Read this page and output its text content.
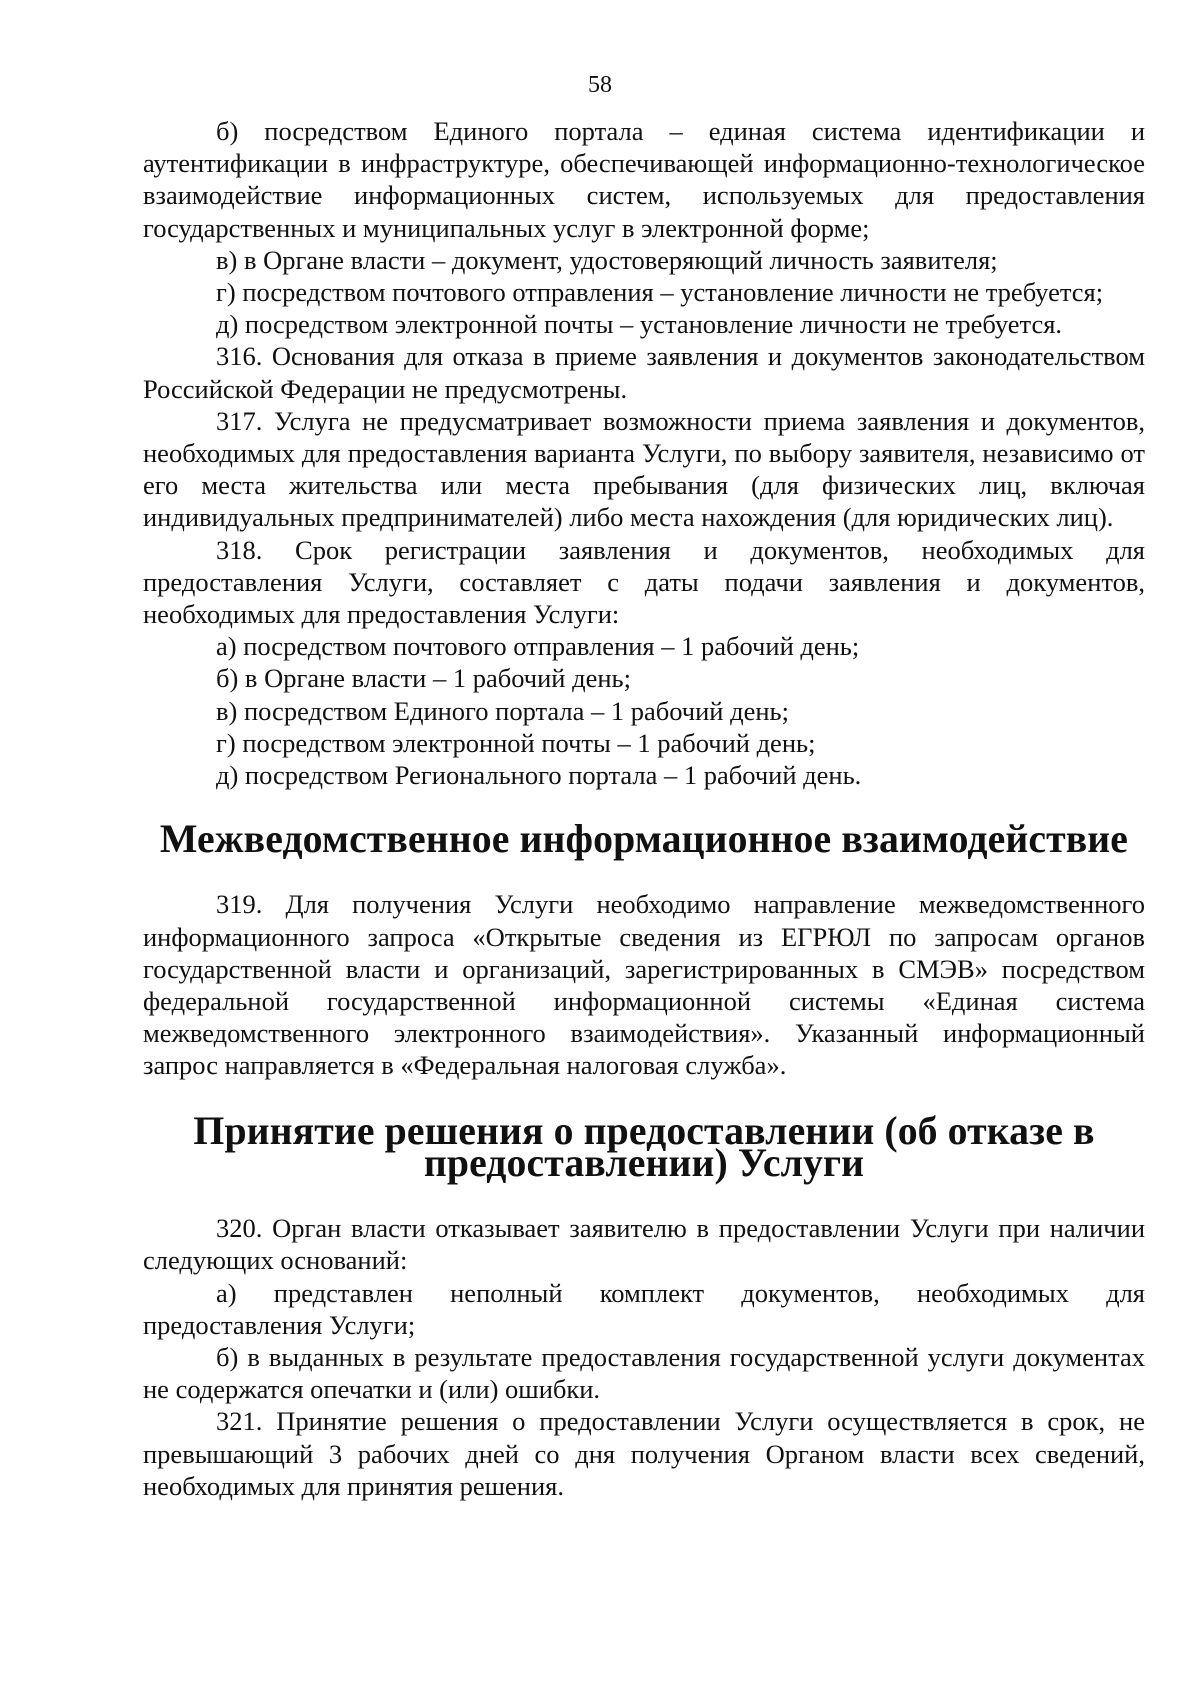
58

б) посредством Единого портала – единая система идентификации и аутентификации в инфраструктуре, обеспечивающей информационно-технологическое взаимодействие информационных систем, используемых для предоставления государственных и муниципальных услуг в электронной форме;

в) в Органе власти – документ, удостоверяющий личность заявителя;

г) посредством почтового отправления – установление личности не требуется;

д) посредством электронной почты – установление личности не требуется.

316. Основания для отказа в приеме заявления и документов законодательством Российской Федерации не предусмотрены.

317. Услуга не предусматривает возможности приема заявления и документов, необходимых для предоставления варианта Услуги, по выбору заявителя, независимо от его места жительства или места пребывания (для физических лиц, включая индивидуальных предпринимателей) либо места нахождения (для юридических лиц).

318. Срок регистрации заявления и документов, необходимых для предоставления Услуги, составляет с даты подачи заявления и документов, необходимых для предоставления Услуги:

а) посредством почтового отправления – 1 рабочий день;

б) в Органе власти – 1 рабочий день;

в) посредством Единого портала – 1 рабочий день;

г) посредством электронной почты – 1 рабочий день;

д) посредством Регионального портала – 1 рабочий день.

Межведомственное информационное взаимодействие

319. Для получения Услуги необходимо направление межведомственного информационного запроса «Открытые сведения из ЕГРЮЛ по запросам органов государственной власти и организаций, зарегистрированных в СМЭВ» посредством федеральной государственной информационной системы «Единая система межведомственного электронного взаимодействия». Указанный информационный запрос направляется в «Федеральная налоговая служба».

Принятие решения о предоставлении (об отказе в предоставлении) Услуги

320. Орган власти отказывает заявителю в предоставлении Услуги при наличии следующих оснований:

а) представлен неполный комплект документов, необходимых для предоставления Услуги;

б) в выданных в результате предоставления государственной услуги документах не содержатся опечатки и (или) ошибки.

321. Принятие решения о предоставлении Услуги осуществляется в срок, не превышающий 3 рабочих дней со дня получения Органом власти всех сведений, необходимых для принятия решения.
